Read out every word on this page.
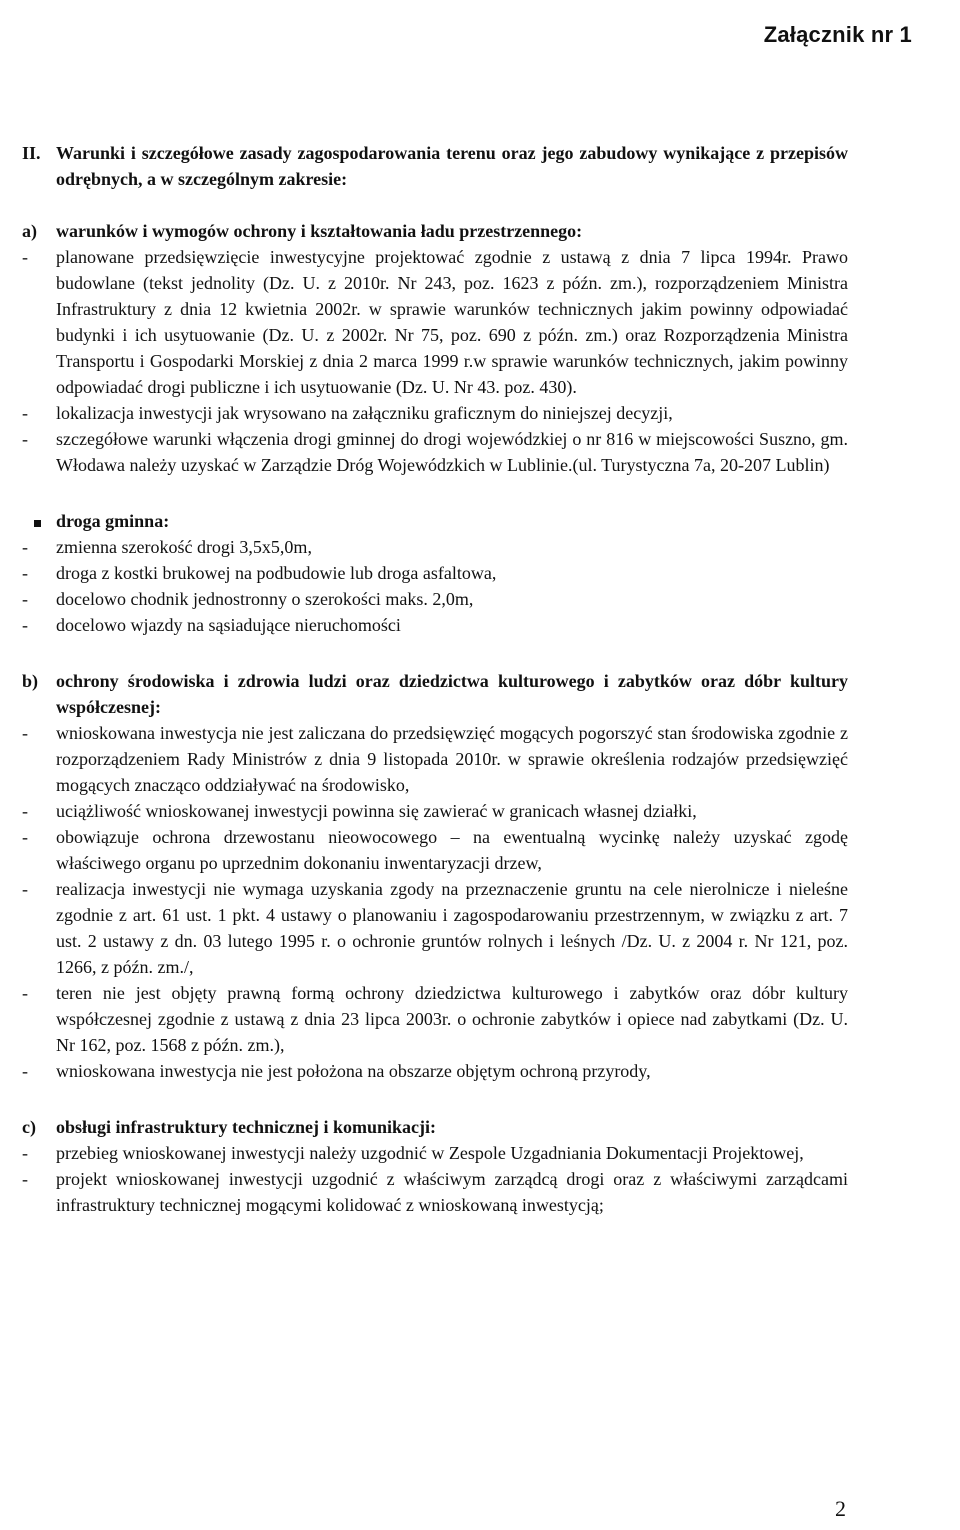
Załącznik nr 1
II. Warunki i szczegółowe zasady zagospodarowania terenu oraz jego zabudowy wynikające z przepisów odrębnych, a w szczególnym zakresie:
a)	warunków i wymogów ochrony i kształtowania ładu przestrzennego:
-	planowane przedsięwzięcie inwestycyjne projektować zgodnie z ustawą z dnia 7 lipca 1994r. Prawo budowlane (tekst jednolity (Dz. U. z 2010r. Nr 243, poz. 1623 z późn. zm.), rozporządzeniem Ministra Infrastruktury z dnia 12 kwietnia 2002r. w sprawie warunków technicznych jakim powinny odpowiadać budynki i ich usytuowanie (Dz. U. z 2002r. Nr 75, poz. 690 z późn. zm.) oraz Rozporządzenia Ministra Transportu i Gospodarki Morskiej z dnia 2 marca 1999 r.w sprawie warunków technicznych, jakim powinny odpowiadać drogi publiczne i ich usytuowanie (Dz. U. Nr 43. poz. 430).
-	lokalizacja inwestycji jak wrysowano na załączniku graficznym do niniejszej decyzji,
-	szczegółowe warunki włączenia drogi gminnej do drogi wojewódzkiej o nr 816 w miejscowości Suszno, gm. Włodawa należy uzyskać w Zarządzie Dróg Wojewódzkich w Lublinie.(ul. Turystyczna 7a, 20-207 Lublin)
droga gminna:
-	zmienna szerokość drogi 3,5x5,0m,
-	droga z kostki brukowej na podbudowie lub droga asfaltowa,
-	docelowo chodnik jednostronny o szerokości maks. 2,0m,
-	docelowo wjazdy na sąsiadujące nieruchomości
b) ochrony środowiska i zdrowia ludzi oraz dziedzictwa kulturowego i zabytków oraz dóbr kultury współczesnej:
-	wnioskowana inwestycja nie jest zaliczana do przedsięwzięć mogących pogorszyć stan środowiska zgodnie z rozporządzeniem Rady Ministrów z dnia 9 listopada 2010r. w sprawie określenia rodzajów przedsięwzięć mogących znacząco oddziaływać na środowisko,
-	uciążliwość wnioskowanej inwestycji powinna się zawierać w granicach własnej działki,
-	obowiązuje ochrona drzewostanu nieowocowego – na ewentualną wycinkę należy uzyskać zgodę właściwego organu po uprzednim dokonaniu inwentaryzacji drzew,
-	realizacja inwestycji nie wymaga uzyskania zgody na przeznaczenie gruntu na cele nierolnicze i nieleśne zgodnie z art. 61 ust. 1 pkt. 4 ustawy o planowaniu i zagospodarowaniu przestrzennym, w związku z art. 7 ust. 2 ustawy z dn. 03 lutego 1995 r. o ochronie gruntów rolnych i leśnych /Dz. U. z 2004 r. Nr 121, poz. 1266, z późn. zm./,
-	teren nie jest objęty prawną formą ochrony dziedzictwa kulturowego i zabytków oraz dóbr kultury współczesnej zgodnie z ustawą z dnia 23 lipca 2003r. o ochronie zabytków i opiece nad zabytkami (Dz. U. Nr 162, poz. 1568 z późn. zm.),
-	wnioskowana inwestycja nie jest położona na obszarze objętym ochroną przyrody,
c)	obsługi infrastruktury technicznej i komunikacji:
-	przebieg wnioskowanej inwestycji należy uzgodnić w Zespole Uzgadniania Dokumentacji Projektowej,
-	projekt wnioskowanej inwestycji uzgodnić z właściwym zarządcą drogi oraz z właściwymi zarządcami infrastruktury technicznej mogącymi kolidować z wnioskowaną inwestycją;
2
